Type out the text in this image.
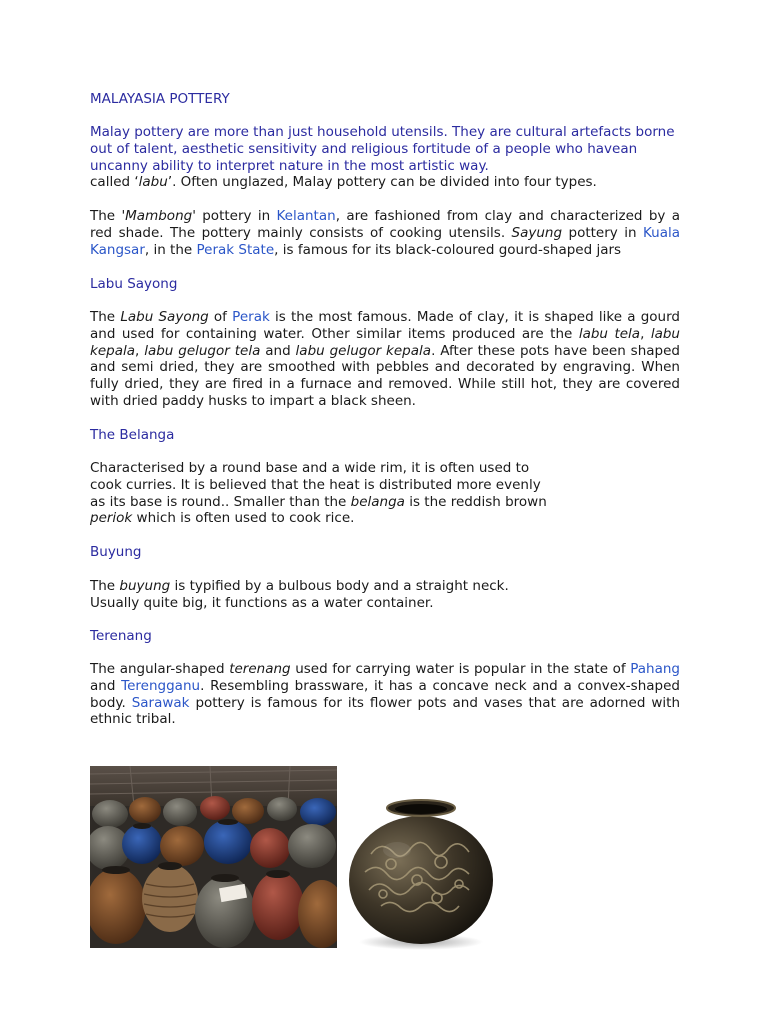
MALAYASIA POTTERY

Malay pottery are more than just household utensils. They are cultural artefacts borne out of talent, aesthetic sensitivity and religious fortitude of a people who havean uncanny ability to interpret nature in the most artistic way.
called ‘labu’. Often unglazed, Malay pottery can be divided into four types.
The 'Mambong' pottery in Kelantan, are fashioned from clay and characterized by a red shade. The pottery mainly consists of cooking utensils. Sayung pottery in Kuala Kangsar, in the Perak State, is famous for its black-coloured gourd-shaped jars

Labu Sayong

The Labu Sayong of Perak is the most famous. Made of clay, it is shaped like a gourd and used for containing water. Other similar items produced are the labu tela, labu kepala, labu gelugor tela and labu gelugor kepala. After these pots have been shaped and semi dried, they are smoothed with pebbles and decorated by engraving. When fully dried, they are fired in a furnace and removed. While still hot, they are covered with dried paddy husks to impart a black sheen.

The Belanga

Characterised by a round base and a wide rim, it is often used to
cook curries. It is believed that the heat is distributed more evenly
as its base is round.. Smaller than the belanga is the reddish brown
periok which is often used to cook rice.

Buyung

The buyung is typified by a bulbous body and a straight neck.
Usually quite big, it functions as a water container.

Terenang

The angular-shaped terenang used for carrying water is popular in the state of Pahang and Terengganu. Resembling brassware, it has a concave neck and a convex-shaped body. Sarawak pottery is famous for its flower pots and vases that are adorned with ethnic tribal.
